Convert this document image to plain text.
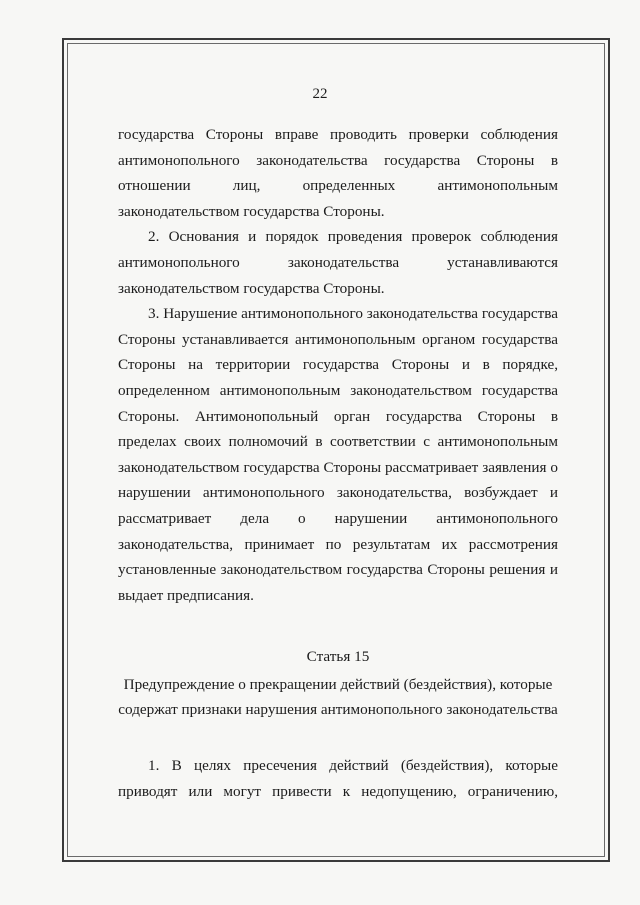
22

государства Стороны вправе проводить проверки соблюдения антимонопольного законодательства государства Стороны в отношении лиц, определенных антимонопольным законодательством государства Стороны.

2. Основания и порядок проведения проверок соблюдения антимонопольного законодательства устанавливаются законодательством государства Стороны.

3. Нарушение антимонопольного законодательства государства Стороны устанавливается антимонопольным органом государства Стороны на территории государства Стороны и в порядке, определенном антимонопольным законодательством государства Стороны. Антимонопольный орган государства Стороны в пределах своих полномочий в соответствии с антимонопольным законодательством государства Стороны рассматривает заявления о нарушении антимонопольного законодательства, возбуждает и рассматривает дела о нарушении антимонопольного законодательства, принимает по результатам их рассмотрения установленные законодательством государства Стороны решения и выдает предписания.

Статья 15

Предупреждение о прекращении действий (бездействия), которые содержат признаки нарушения антимонопольного законодательства

1. В целях пресечения действий (бездействия), которые приводят или могут привести к недопущению, ограничению,
